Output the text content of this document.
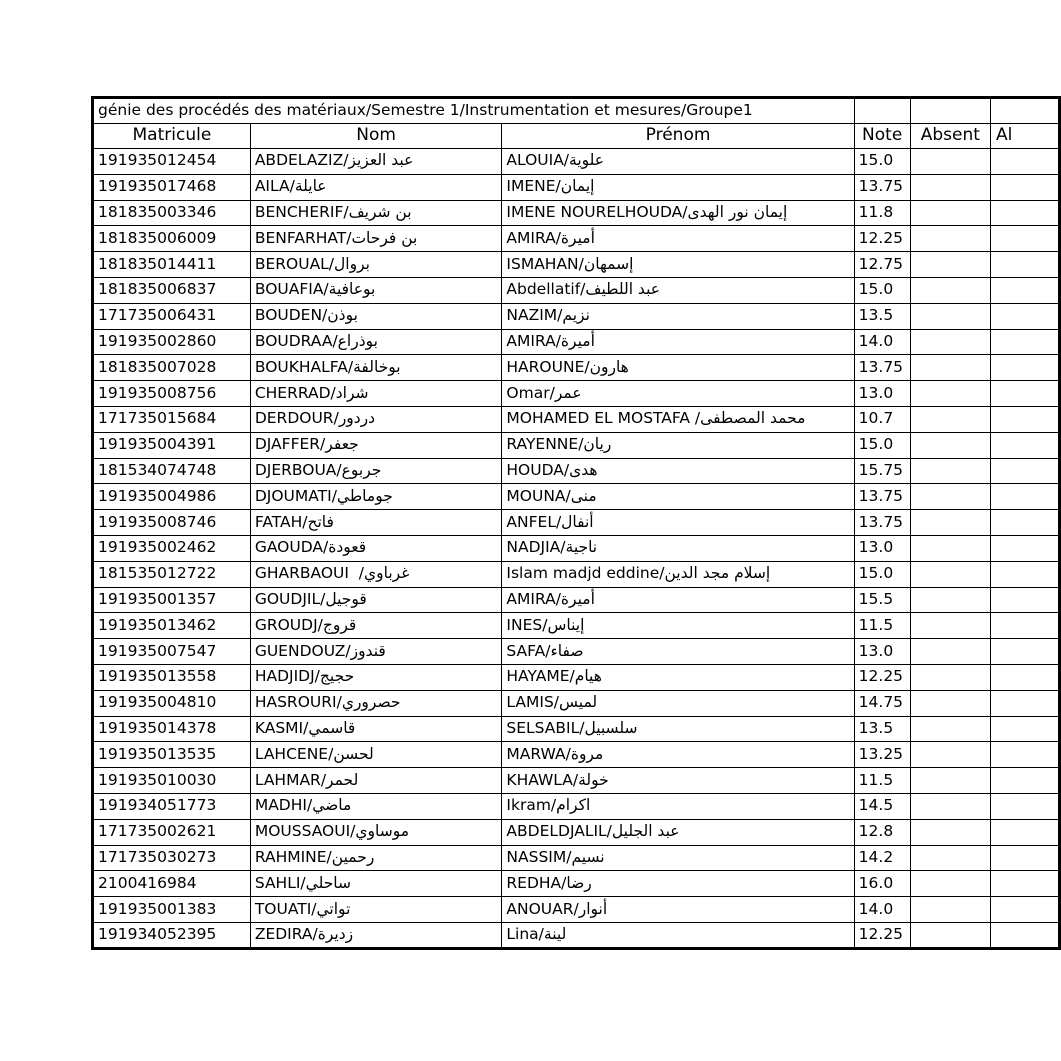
génie des procédés des matériaux/Semestre 1/Instrumentation et mesures/Groupe1					
Matricule	Nom	Prénom	Note	Absent	Al
191935012454	ABDELAZIZ/عبد العزيز	ALOUIA/علوية	15.0		
191935017468	AILA/عايلة	IMENE/إيمان	13.75		
181835003346	BENCHERIF/بن شريف	IMENE NOURELHOUDA/إيمان نور الهدى	11.8		
181835006009	BENFARHAT/بن فرحات	AMIRA/أميرة	12.25		
181835014411	BEROUAL/بروال	ISMAHAN/إسمهان	12.75		
181835006837	BOUAFIA/بوعافية	Abdellatif/عبد اللطيف	15.0		
171735006431	BOUDEN/بوذن	NAZIM/نزيم	13.5		
191935002860	BOUDRAA/بوذراع	AMIRA/أميرة	14.0		
181835007028	BOUKHALFA/بوخالفة	HAROUNE/هارون	13.75		
191935008756	CHERRAD/شراد	Omar/عمر	13.0		
171735015684	DERDOUR/دردور	MOHAMED EL MOSTAFA /محمد المصطفى	10.7		
191935004391	DJAFFER/جعفر	RAYENNE/ريان	15.0		
181534074748	DJERBOUA/جربوع	HOUDA/هدى	15.75		
191935004986	DJOUMATI/جوماطي	MOUNA/منى	13.75		
191935008746	FATAH/فاتح	ANFEL/أنفال	13.75		
191935002462	GAOUDA/قعودة	NADJIA/ناجية	13.0		
181535012722	GHARBAOUI  /غرباوي	Islam madjd eddine/إسلام مجد الدين	15.0		
191935001357	GOUDJIL/قوجيل	AMIRA/أميرة	15.5		
191935013462	GROUDJ/قروج	INES/إيناس	11.5		
191935007547	GUENDOUZ/قندوز	SAFA/صفاء	13.0		
191935013558	HADJIDJ/حجيج	HAYAME/هيام	12.25		
191935004810	HASROURI/حصروري	LAMIS/لميس	14.75		
191935014378	KASMI/قاسمي	SELSABIL/سلسبيل	13.5		
191935013535	LAHCENE/لحسن	MARWA/مروة	13.25		
191935010030	LAHMAR/لحمر	KHAWLA/خولة	11.5		
191934051773	MADHI/ماضي	Ikram/اكرام	14.5		
171735002621	MOUSSAOUI/موساوي	ABDELDJALIL/عبد الجليل	12.8		
171735030273	RAHMINE/رحمين	NASSIM/نسيم	14.2		
2100416984	SAHLI/ساحلي	REDHA/رضا	16.0		
191935001383	TOUATI/تواتي	ANOUAR/أنوار	14.0		
191934052395	ZEDIRA/زديرة	Lina/لينة	12.25		
